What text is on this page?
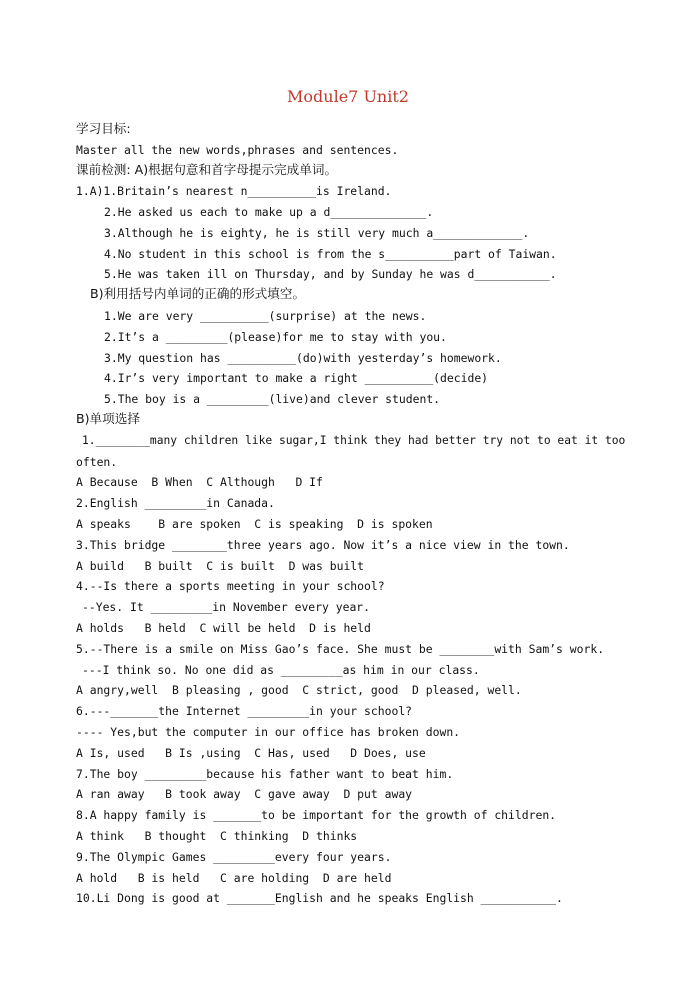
Module7 Unit2
学习目标:
Master all the new words,phrases and sentences.
课前检测: A)根据句意和首字母提示完成单词。
1.A)1.Britain’s nearest n__________is Ireland.
2.He asked us each to make up a d______________.
3.Although he is eighty, he is still very much a_____________.
4.No student in this school is from the s__________part of Taiwan.
5.He was taken ill on Thursday, and by Sunday he was d___________.
B)利用括号内单词的正确的形式填空。
1.We are very __________(surprise) at the news.
2.It’s a _________(please)for me to stay with you.
3.My question has __________(do)with yesterday’s homework.
4.Ir’s very important to make a right __________(decide)
5.The boy is a _________(live)and clever student.
B)单项选择
1.________many children like sugar,I think they had better try not to eat it too
often.
A Because  B When  C Although   D If
2.English _________in Canada.
A speaks    B are spoken  C is speaking  D is spoken
3.This bridge ________three years ago. Now it’s a nice view in the town.
A build   B built  C is built  D was built
4.--Is there a sports meeting in your school?
--Yes. It _________in November every year.
A holds   B held  C will be held  D is held
5.--There is a smile on Miss Gao’s face. She must be ________with Sam’s work.
---I think so. No one did as _________as him in our class.
A angry,well  B pleasing , good  C strict, good  D pleased, well.
6.---_______the Internet _________in your school?
---- Yes,but the computer in our office has broken down.
A Is, used   B Is ,using  C Has, used   D Does, use
7.The boy _________because his father want to beat him.
A ran away   B took away  C gave away  D put away
8.A happy family is _______to be important for the growth of children.
A think   B thought  C thinking  D thinks
9.The Olympic Games _________every four years.
A hold   B is held   C are holding  D are held
10.Li Dong is good at _______English and he speaks English ___________.
